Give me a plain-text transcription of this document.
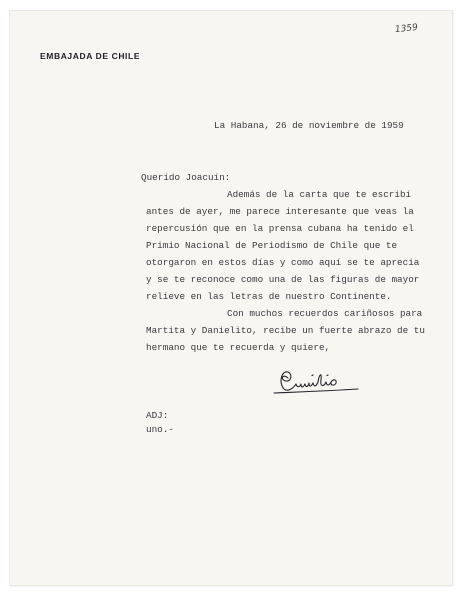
EMBAJADA DE CHILE
1359
La Habana, 26 de noviembre de 1959
Querido Joacuín:
Además de la carta que te escribí
antes de ayer, me parece interesante que veas la
repercusión que en la prensa cubana ha tenido el
Primio Nacional de Periodismo de Chile que te
otorgaron en estos días y como aquí se te aprecia
y se te reconoce como una de las figuras de mayor
relieve en las letras de nuestro Continente.
Con muchos recuerdos cariñosos para
Martita y Danielito, recibe un fuerte abrazo de tu
hermano que te recuerda y quiere,
ADJ:
uno.-
